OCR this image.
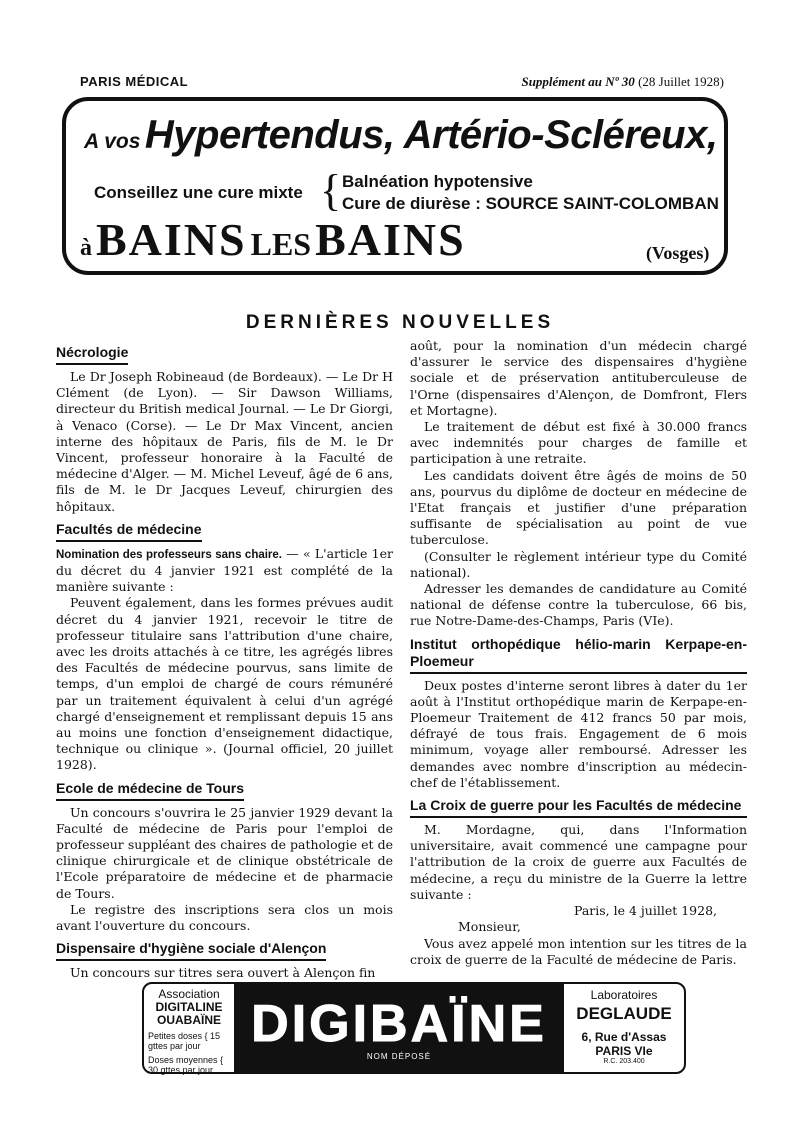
PARIS MÉDICAL	Supplément au Nº 30 (28 Juillet 1928)
A vos Hypertendus, Artério-Scléreux,
Conseillez une cure mixte { Balnéation hypotensive
Cure de diurèse : SOURCE SAINT-COLOMBAN
à BAINS LES BAINS	(Vosges)
DERNIÈRES NOUVELLES
Nécrologie

Le Dr Joseph Robineaud (de Bordeaux). — Le Dr H Clément (de Lyon). — Sir Dawson Williams, directeur du British medical Journal. — Le Dr Giorgi, à Venaco (Corse). — Le Dr Max Vincent, ancien interne des hôpitaux de Paris, fils de M. le Dr Vincent, professeur honoraire à la Faculté de médecine d'Alger. — M. Michel Leveuf, âgé de 6 ans, fils de M. le Dr Jacques Leveuf, chirurgien des hôpitaux.

Facultés de médecine

Nomination des professeurs sans chaire. — « L'article 1er du décret du 4 janvier 1921 est complété de la manière suivante :

Peuvent également, dans les formes prévues audit décret du 4 janvier 1921, recevoir le titre de professeur titulaire sans l'attribution d'une chaire, avec les droits attachés à ce titre, les agrégés libres des Facultés de médecine pourvus, sans limite de temps, d'un emploi de chargé de cours rémunéré par un traitement équivalent à celui d'un agrégé chargé d'enseignement et remplissant depuis 15 ans au moins une fonction d'enseignement didactique, technique ou clinique ». (Journal officiel, 20 juillet 1928).

Ecole de médecine de Tours

Un concours s'ouvrira le 25 janvier 1929 devant la Faculté de médecine de Paris pour l'emploi de professeur suppléant des chaires de pathologie et de clinique chirurgicale et de clinique obstétricale de l'Ecole préparatoire de médecine et de pharmacie de Tours.

Le registre des inscriptions sera clos un mois avant l'ouverture du concours.

Dispensaire d'hygiène sociale d'Alençon

Un concours sur titres sera ouvert à Alençon fin

août, pour la nomination d'un médecin chargé d'assurer le service des dispensaires d'hygiène sociale et de préservation antituberculeuse de l'Orne (dispensaires d'Alençon, de Domfront, Flers et Mortagne).

Le traitement de début est fixé à 30.000 francs avec indemnités pour charges de famille et participation à une retraite.

Les candidats doivent être âgés de moins de 50 ans, pourvus du diplôme de docteur en médecine de l'Etat français et justifier d'une préparation suffisante de spécialisation au point de vue tuberculose.

(Consulter le règlement intérieur type du Comité national).

Adresser les demandes de candidature au Comité national de défense contre la tuberculose, 66 bis, rue Notre-Dame-des-Champs, Paris (VIe).

Institut orthopédique hélio-marin Kerpape-en-Ploemeur

Deux postes d'interne seront libres à dater du 1er août à l'Institut orthopédique marin de Kerpape-en-Ploemeur Traitement de 412 francs 50 par mois, défrayé de tous frais. Engagement de 6 mois minimum, voyage aller remboursé. Adresser les demandes avec nombre d'inscription au médecin-chef de l'établissement.

La Croix de guerre pour les Facultés de médecine

M. Mordagne, qui, dans l'Information universitaire, avait commencé une campagne pour l'attribution de la croix de guerre aux Facultés de médecine, a reçu du ministre de la Guerre la lettre suivante :

Paris, le 4 juillet 1928,

Monsieur,

Vous avez appelé mon intention sur les titres de la croix de guerre de la Faculté de médecine de Paris.

Association
DIGITALINE
OUABAÏNE
Petites doses { 15 gttes par jour
Doses moyennes { 30 gttes par jour
DIGIBAÏNE
NOM DÉPOSÉ
Laboratoires
DEGLAUDE
6, Rue d'Assas
PARIS VIe
R.C. 203.400
